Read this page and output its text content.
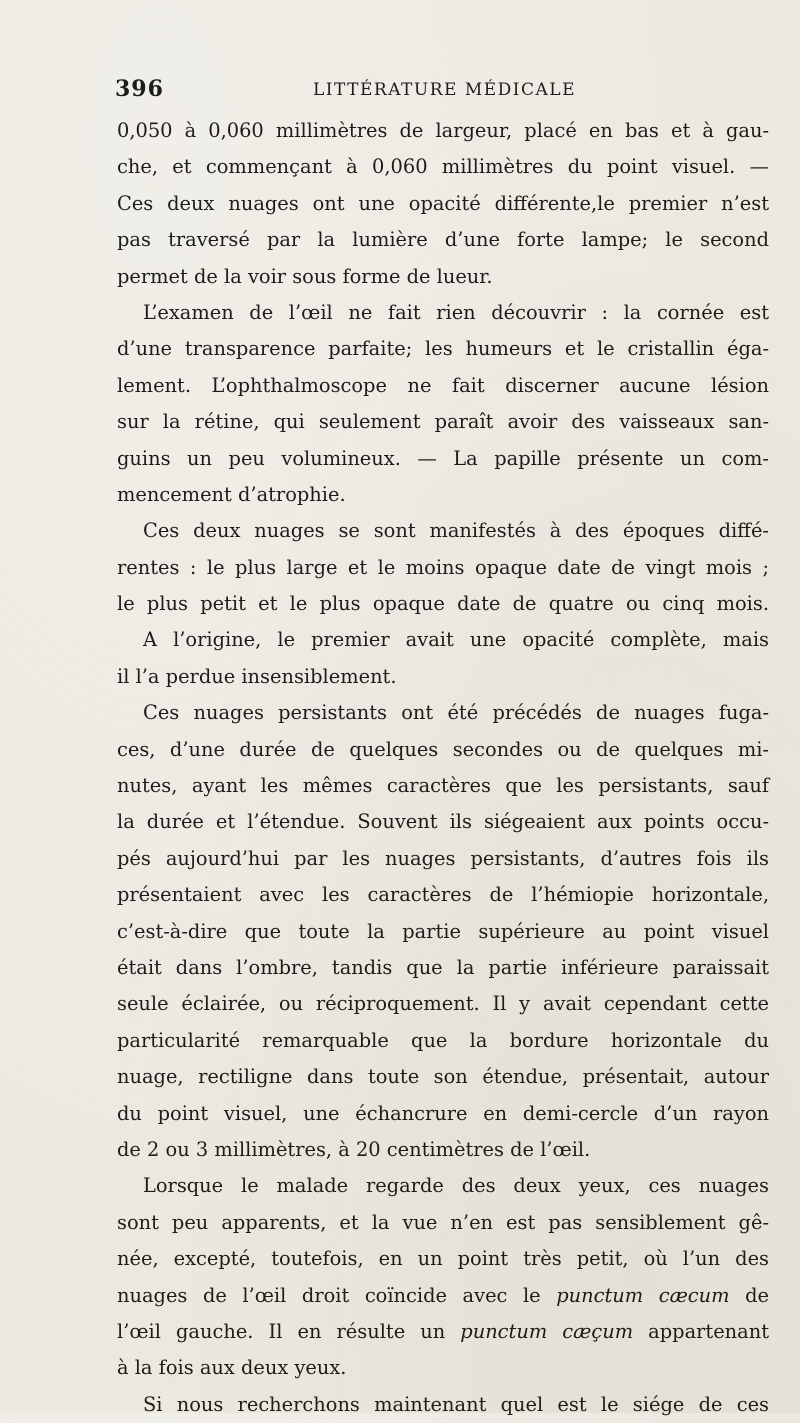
396	LITTÉRATURE MÉDICALE
0,050 à 0,060 millimètres de largeur, placé en bas et à gau-
che, et commençant à 0,060 millimètres du point visuel. —
Ces deux nuages ont une opacité différente,le premier n’est
pas traversé par la lumière d’une forte lampe; le second
permet de la voir sous forme de lueur.
L’examen de l’œil ne fait rien découvrir : la cornée est
d’une transparence parfaite; les humeurs et le cristallin éga-
lement. L’ophthalmoscope ne fait discerner aucune lésion
sur la rétine, qui seulement paraît avoir des vaisseaux san-
guins un peu volumineux. — La papille présente un com-
mencement d’atrophie.
Ces deux nuages se sont manifestés à des époques diffé-
rentes : le plus large et le moins opaque date de vingt mois ;
le plus petit et le plus opaque date de quatre ou cinq mois.
A l’origine, le premier avait une opacité complète, mais
il l’a perdue insensiblement.
Ces nuages persistants ont été précédés de nuages fuga-
ces, d’une durée de quelques secondes ou de quelques mi-
nutes, ayant les mêmes caractères que les persistants, sauf
la durée et l’étendue. Souvent ils siégeaient aux points occu-
pés aujourd’hui par les nuages persistants, d’autres fois ils
présentaient avec les caractères de l’hémiopie horizontale,
c’est-à-dire que toute la partie supérieure au point visuel
était dans l’ombre, tandis que la partie inférieure paraissait
seule éclairée, ou réciproquement. Il y avait cependant cette
particularité remarquable que la bordure horizontale du
nuage, rectiligne dans toute son étendue, présentait, autour
du point visuel, une échancrure en demi-cercle d’un rayon
de 2 ou 3 millimètres, à 20 centimètres de l’œil.
Lorsque le malade regarde des deux yeux, ces nuages
sont peu apparents, et la vue n’en est pas sensiblement gê-
née, excepté, toutefois, en un point très petit, où l’un des
nuages de l’œil droit coïncide avec le punctum cæcum de
l’œil gauche. Il en résulte un punctum cæçum appartenant
à la fois aux deux yeux.
Si nous recherchons maintenant quel est le siége de ces
